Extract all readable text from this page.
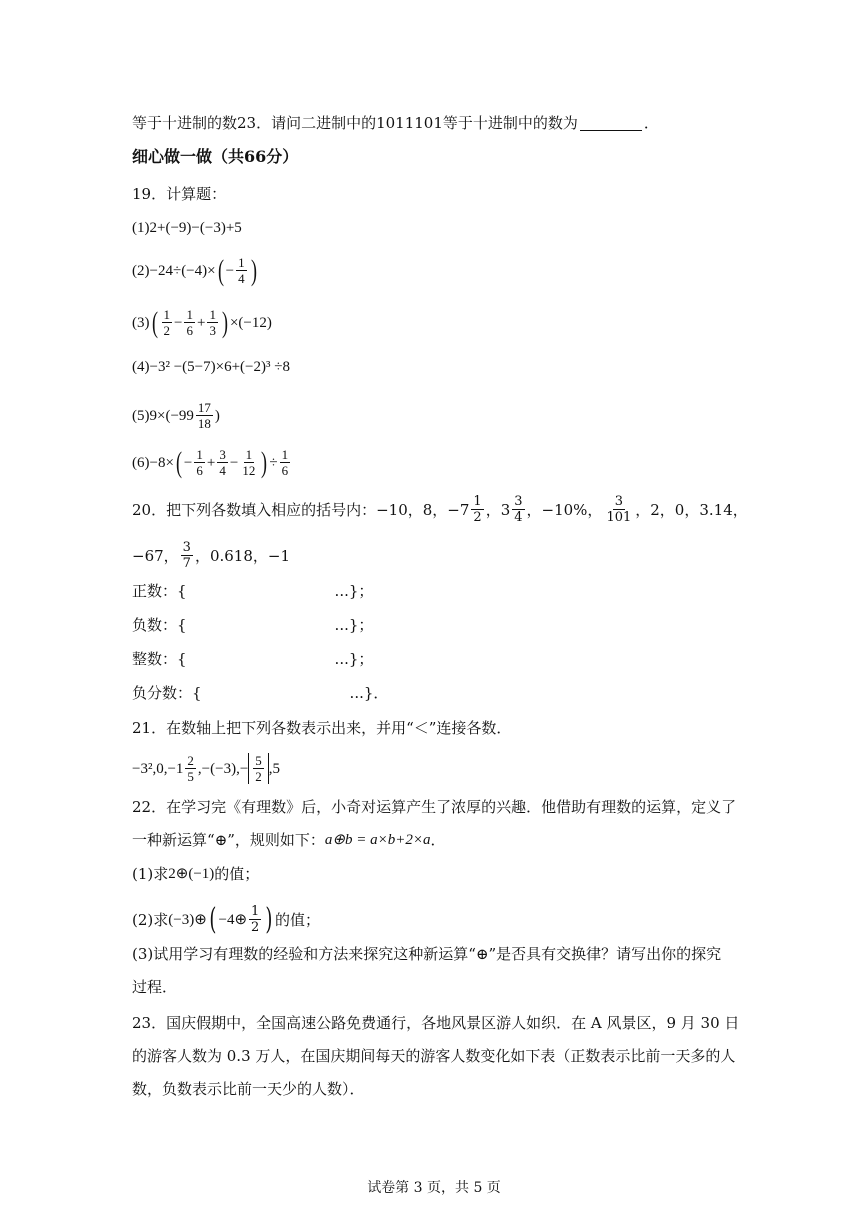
等于十进制的数23．请问二进制中的1011101等于十进制中的数为	．
细心做一做（共66分）
19．计算题：
(1) 2+(−9)−(−3)+5
(2) −24÷(−4)× ( − $\frac{1}{4}$ )
(3) ( $\frac{1}{2} - \frac{1}{6} + \frac{1}{3}$ ) ×(−12)
(4) −3² −(5−7)×6+(−2)³ ÷8
(5) $9\times(-99 \frac{17}{18}$ )
(6) −8× ( − $\frac{1}{6} + \frac{3}{4} - \frac{1}{12}$ ) ÷ $\frac{1}{6}$
20．把下列各数填入相应的括号内：−10，8，$-7 \frac{1}{2}$ ，$3 \frac{3}{4}$ ，−10%， $\frac{3}{101}$ ，2，0，3.14，
−67， $\frac{3}{7}$ ，0.618，−1
正数：{	...}；
负数：{	...}；
整数：{	...}；
负分数：{	...}．
21．在数轴上把下列各数表示出来，并用“＜”连接各数．
$-3^2,0,-1 \frac{2}{5} ,-(-3),- \frac{5}{2} ,5$
22．在学习完《有理数》后，小奇对运算产生了浓厚的兴趣．他借助有理数的运算，定义了
一种新运算“⊕”，规则如下： a⊕b = a×b+2×a ．
(1)求 2⊕(−1) 的值；
(2)求 (−3)⊕ ( −4⊕ $\frac{1}{2}$ ) 的值；
(3)试用学习有理数的经验和方法来探究这种新运算“⊕”是否具有交换律？请写出你的探究
过程．
23．国庆假期中，全国高速公路免费通行，各地风景区游人如织．在 A 风景区，9 月 30 日
的游客人数为 0.3 万人，在国庆期间每天的游客人数变化如下表（正数表示比前一天多的人
数，负数表示比前一天少的人数）．
试卷第 3 页，共 5 页
